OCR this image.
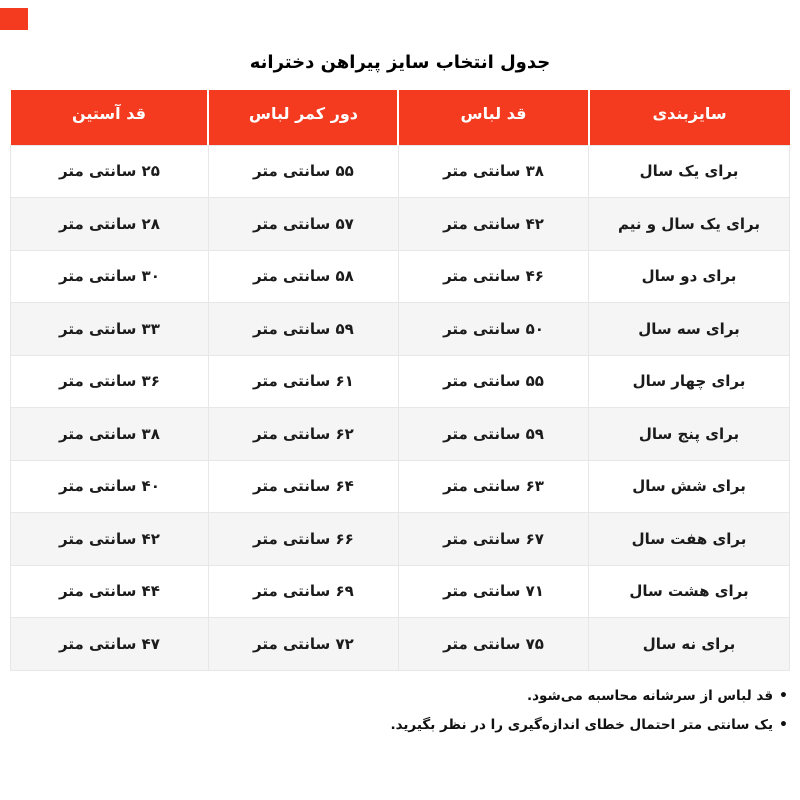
جدول انتخاب سایز پیراهن دخترانه
سایزبندی	قد لباس	دور کمر لباس	قد آستین
برای یک سال	۳۸ سانتی متر	۵۵ سانتی متر	۲۵ سانتی متر
برای یک سال و نیم	۴۲ سانتی متر	۵۷ سانتی متر	۲۸ سانتی متر
برای دو سال	۴۶ سانتی متر	۵۸ سانتی متر	۳۰ سانتی متر
برای سه سال	۵۰ سانتی متر	۵۹ سانتی متر	۳۳ سانتی متر
برای چهار سال	۵۵ سانتی متر	۶۱ سانتی متر	۳۶ سانتی متر
برای پنج سال	۵۹ سانتی متر	۶۲ سانتی متر	۳۸ سانتی متر
برای شش سال	۶۳ سانتی متر	۶۴ سانتی متر	۴۰ سانتی متر
برای هفت سال	۶۷ سانتی متر	۶۶ سانتی متر	۴۲ سانتی متر
برای هشت سال	۷۱ سانتی متر	۶۹ سانتی متر	۴۴ سانتی متر
برای نه سال	۷۵ سانتی متر	۷۲ سانتی متر	۴۷ سانتی متر
•قد لباس از سرشانه محاسبه می‌شود.
•یک سانتی متر احتمال خطای اندازه‌گیری را در نظر بگیرید.
